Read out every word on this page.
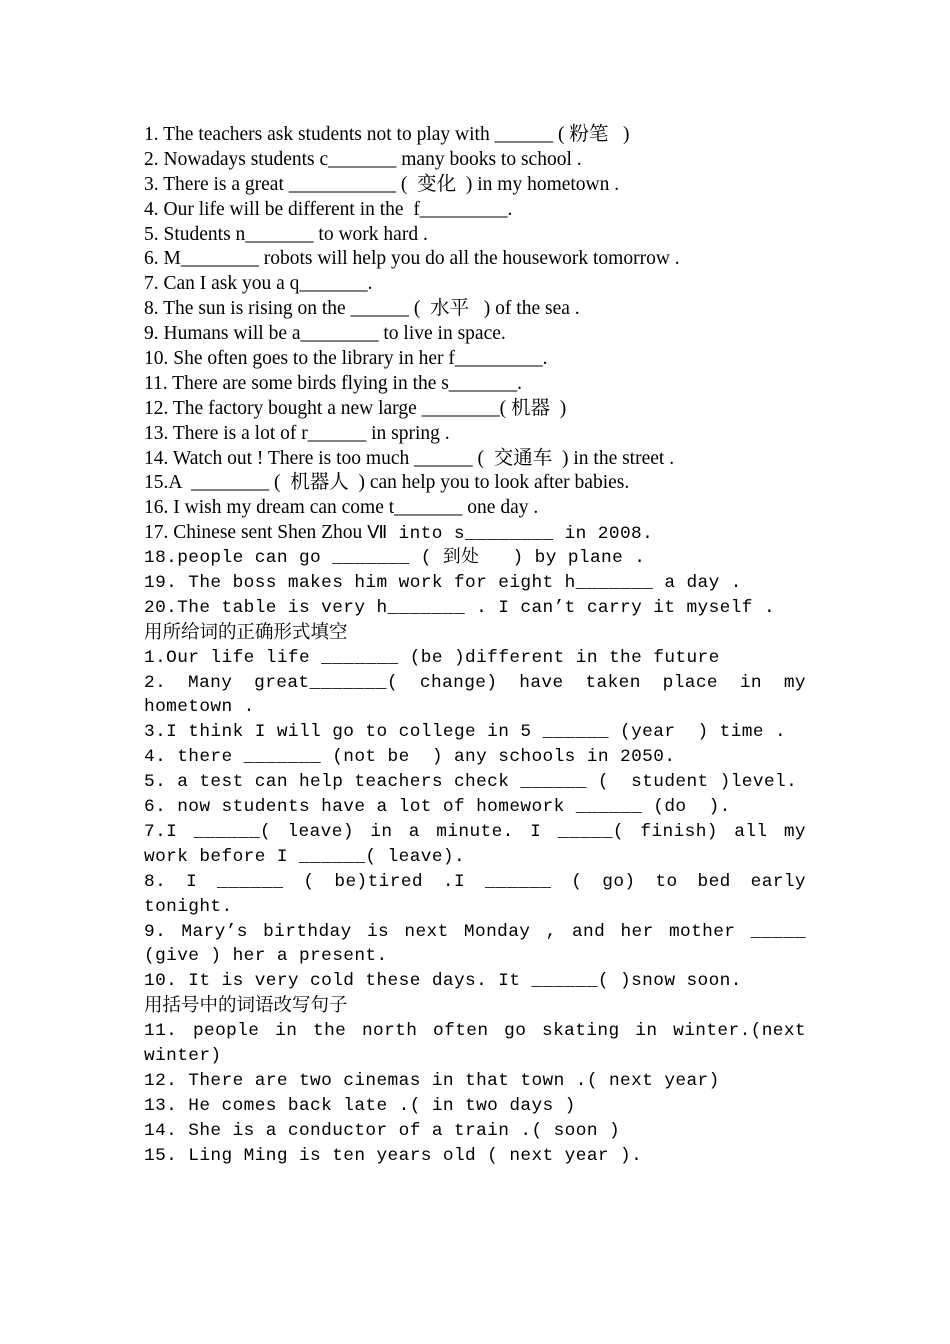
1. The teachers ask students not to play with ______ ( 粉笔   )
2. Nowadays students c_______ many books to school .
3. There is a great ___________ (  变化  ) in my hometown .
4. Our life will be different in the  f_________.
5. Students n_______ to work hard .
6. M________ robots will help you do all the housework tomorrow .
7. Can I ask you a q_______.
8. The sun is rising on the ______ (  水平   ) of the sea .
9. Humans will be a________ to live in space.
10. She often goes to the library in her f_________.
11. There are some birds flying in the s_______.
12. The factory bought a new large ________( 机器  )
13. There is a lot of r______ in spring .
14. Watch out ! There is too much ______ (  交通车  ) in the street .
15.A  ________ (  机器人  ) can help you to look after babies.
16. I wish my dream can come t_______ one day .
17. Chinese sent Shen Zhou Ⅶ into s________ in 2008.
18.people can go _______ ( 到处   ) by plane .
19. The boss makes him work for eight h_______ a day .
20.The table is very h_______ . I can’t carry it myself .
用所给词的正确形式填空
1.Our life life _______ (be )different in the future
2. Many great_______( change) have taken place in my
hometown .
3.I think I will go to college in 5 ______ (year  ) time .
4. there _______ (not be  ) any schools in 2050.
5. a test can help teachers check ______ (  student )level.
6. now students have a lot of homework ______ (do  ).
7.I ______( leave) in a minute. I _____( finish) all my
work before I ______( leave).
8. I ______ ( be)tired .I ______ ( go) to bed early
tonight.
9. Mary’s birthday is next Monday , and her mother _____
(give ) her a present.
10. It is very cold these days. It ______( )snow soon.
用括号中的词语改写句子
11. people in the north often go skating in winter.(next
winter)
12. There are two cinemas in that town .( next year)
13. He comes back late .( in two days )
14. She is a conductor of a train .( soon )
15. Ling Ming is ten years old ( next year ).
